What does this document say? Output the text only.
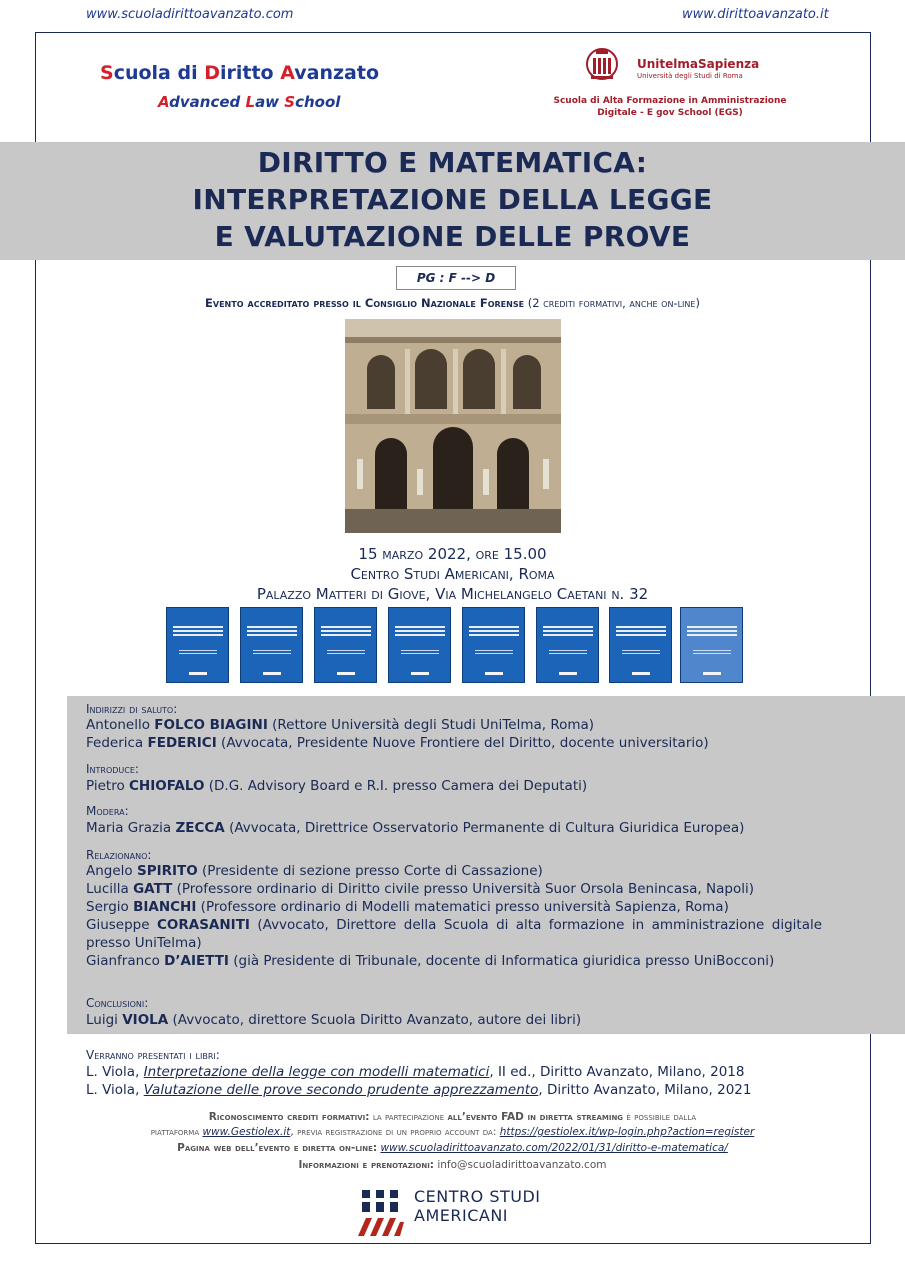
www.scuoladirittoavanzato.com	www.dirittoavanzato.it
Scuola di Diritto Avanzato
Advanced Law School
UnitelmaSapienza
Università degli Studi di Roma
Scuola di Alta Formazione in Amministrazione
Digitale - E gov School (EGS)
DIRITTO E MATEMATICA:
INTERPRETAZIONE DELLA LEGGE
E VALUTAZIONE DELLE PROVE
PG : F --> D
Evento accreditato presso il Consiglio Nazionale Forense (2 crediti formativi, anche on-line)
15 marzo 2022, ore 15.00
Centro Studi Americani, Roma
Palazzo Matteri di Giove, Via Michelangelo Caetani n. 32
Indirizzi di saluto:
Antonello FOLCO BIAGINI (Rettore Università degli Studi UniTelma, Roma)
Federica FEDERICI (Avvocata, Presidente Nuove Frontiere del Diritto, docente universitario)
Introduce:
Pietro CHIOFALO (D.G. Advisory Board e R.I. presso Camera dei Deputati)
Modera:
Maria Grazia ZECCA (Avvocata, Direttrice Osservatorio Permanente di Cultura Giuridica Europea)
Relazionano:
Angelo SPIRITO (Presidente di sezione presso Corte di Cassazione)
Lucilla GATT (Professore ordinario di Diritto civile presso Università Suor Orsola Benincasa, Napoli)
Sergio BIANCHI (Professore ordinario di Modelli matematici presso università Sapienza, Roma)
Giuseppe CORASANITI (Avvocato, Direttore della Scuola di alta formazione in amministrazione digitale presso UniTelma)
Gianfranco D’AIETTI (già Presidente di Tribunale, docente di Informatica giuridica presso UniBocconi)
Conclusioni:
Luigi VIOLA (Avvocato, direttore Scuola Diritto Avanzato, autore dei libri)
Verranno presentati i libri:
L. Viola, Interpretazione della legge con modelli matematici, II ed., Diritto Avanzato, Milano, 2018
L. Viola, Valutazione delle prove secondo prudente apprezzamento, Diritto Avanzato, Milano, 2021
Riconoscimento crediti formativi: la partecipazione all’evento FAD in diretta streaming è possibile dalla
piattaforma www.Gestiolex.it, previa registrazione di un proprio account da: https://gestiolex.it/wp-login.php?action=register
Pagina web dell’evento e diretta on-line: www.scuoladirittoavanzato.com/2022/01/31/diritto-e-matematica/
Informazioni e prenotazioni: info@scuoladirittoavanzato.com
CENTRO STUDI
AMERICANI
